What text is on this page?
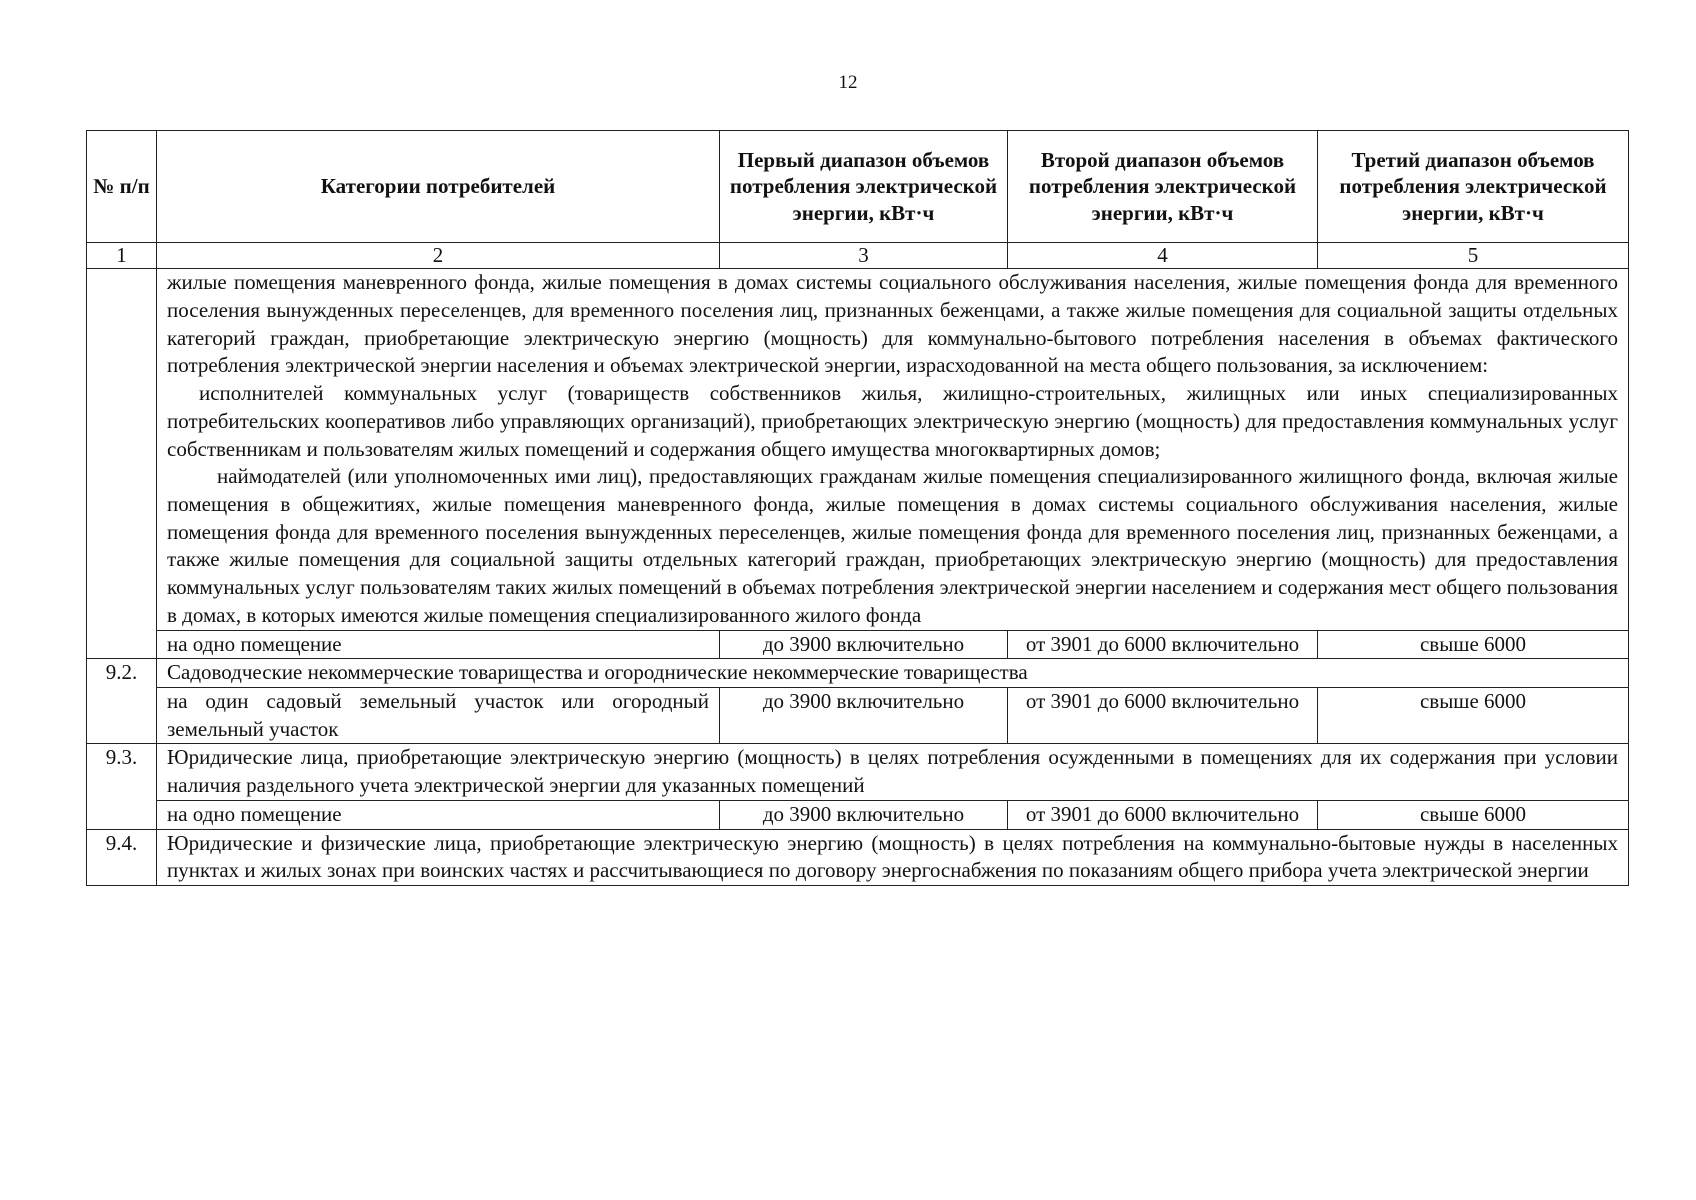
12
№ п/п	Категории потребителей	Первый диапазон объемов потребления электрической энергии, кВт·ч	Второй диапазон объемов потребления электрической энергии, кВт·ч	Третий диапазон объемов потребления электрической энергии, кВт·ч
1	2	3	4	5

	жилые помещения маневренного фонда, жилые помещения в домах системы социального обслуживания населения, жилые помещения фонда для временного поселения вынужденных переселенцев, для временного поселения лиц, признанных беженцами, а также жилые помещения для социальной защиты отдельных категорий граждан, приобретающие электрическую энергию (мощность) для коммунально-бытового потребления населения в объемах фактического потребления электрической энергии населения и объемах электрической энергии, израсходованной на места общего пользования, за исключением:

исполнителей коммунальных услуг (товариществ собственников жилья, жилищно-строительных, жилищных или иных специализированных потребительских кооперативов либо управляющих организаций), приобретающих электрическую энергию (мощность) для предоставления коммунальных услуг собственникам и пользователям жилых помещений и содержания общего имущества многоквартирных домов;

наймодателей (или уполномоченных ими лиц), предоставляющих гражданам жилые помещения специализированного жилищного фонда, включая жилые помещения в общежитиях, жилые помещения маневренного фонда, жилые помещения в домах системы социального обслуживания населения, жилые помещения фонда для временного поселения вынужденных переселенцев, жилые помещения фонда для временного поселения лиц, признанных беженцами, а также жилые помещения для социальной защиты отдельных категорий граждан, приобретающих электрическую энергию (мощность) для предоставления коммунальных услуг пользователям таких жилых помещений в объемах потребления электрической энергии населением и содержания мест общего пользования в домах, в которых имеются жилые помещения специализированного жилого фонда			

	на одно помещение	до 3900 включительно	от 3901 до 6000 включительно	свыше 6000
9.2.	Садоводческие некоммерческие товарищества и огороднические некоммерческие товарищества			
	на один садовый земельный участок или огородный земельный участок	до 3900 включительно	от 3901 до 6000 включительно	свыше 6000
9.3.	Юридические лица, приобретающие электрическую энергию (мощность) в целях потребления осужденными в помещениях для их содержания при условии наличия раздельного учета электрической энергии для указанных помещений			
	на одно помещение	до 3900 включительно	от 3901 до 6000 включительно	свыше 6000
9.4.	Юридические и физические лица, приобретающие электрическую энергию (мощность) в целях потребления на коммунально-бытовые нужды в населенных пунктах и жилых зонах при воинских частях и рассчитывающиеся по договору энергоснабжения по показаниям общего прибора учета электрической энергии			
